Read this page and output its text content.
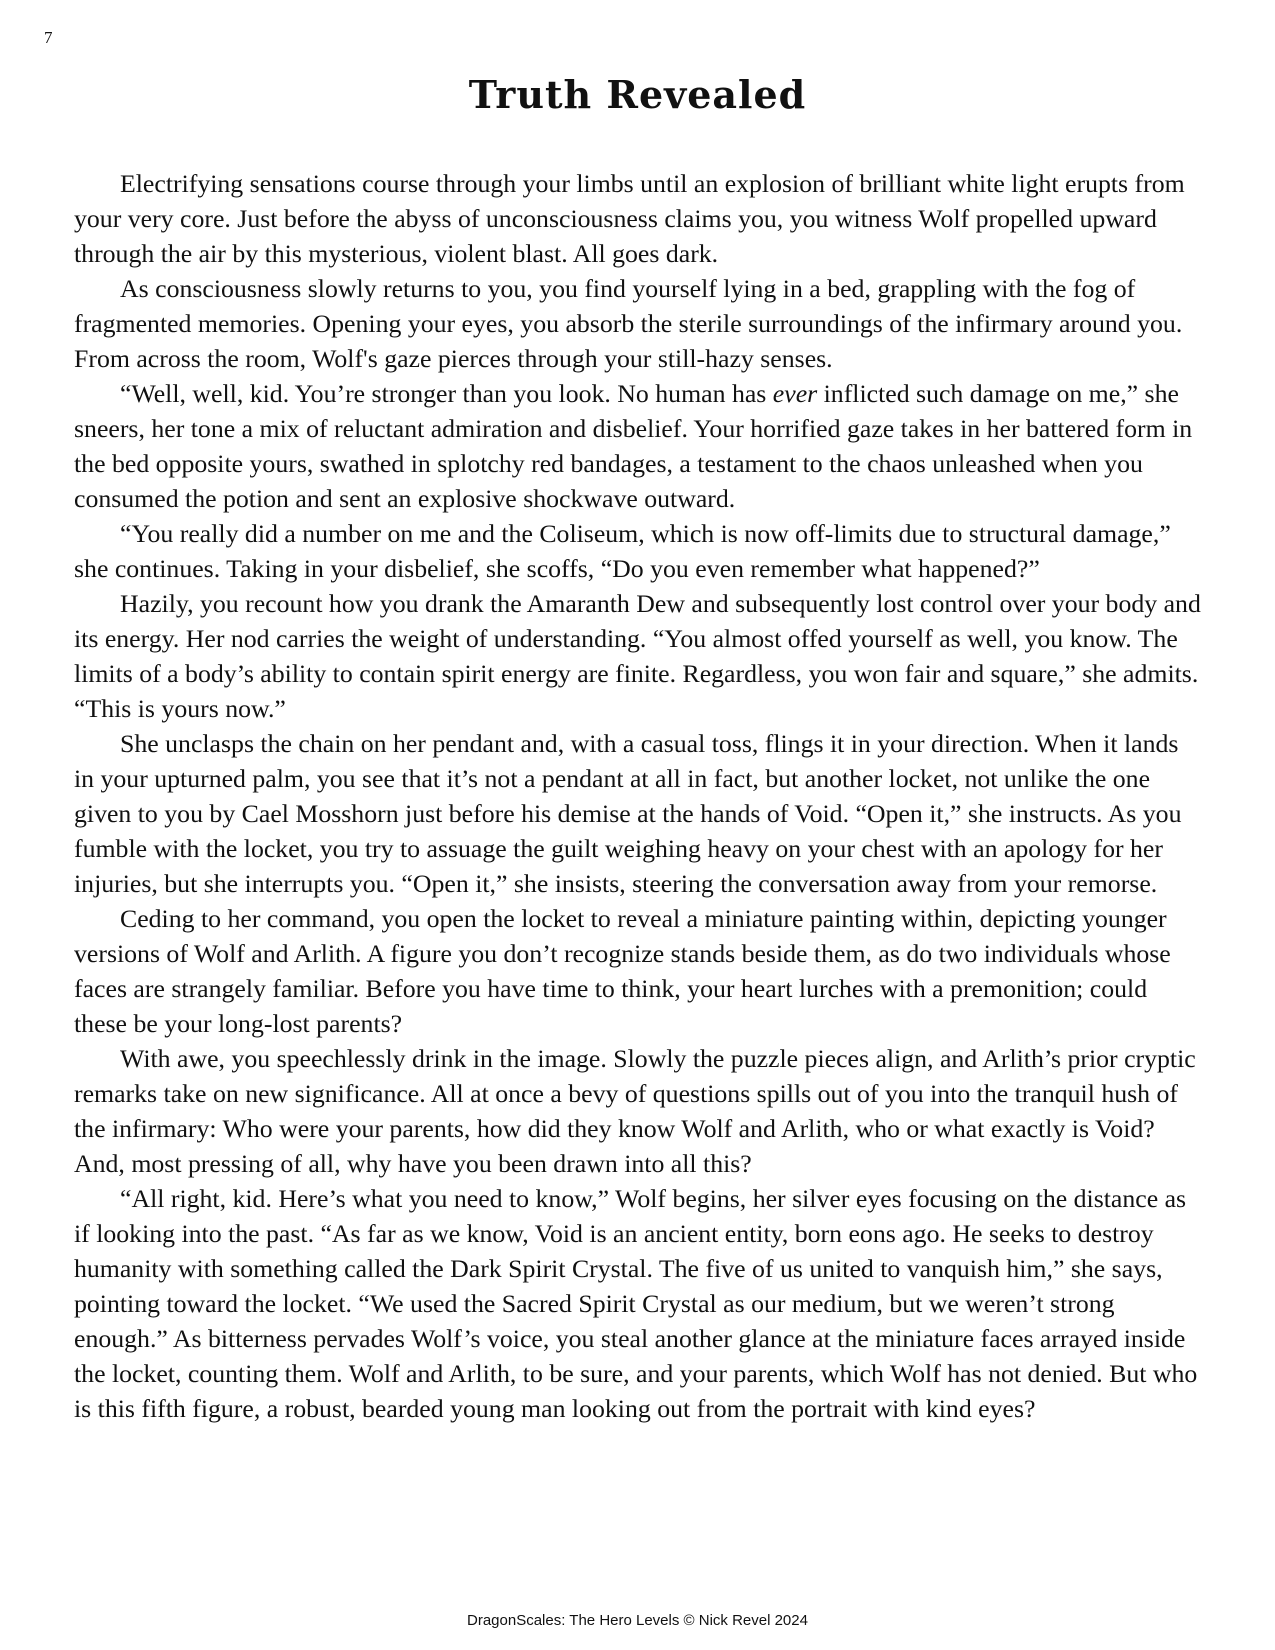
7
Truth Revealed

Electrifying sensations course through your limbs until an explosion of brilliant white light erupts from your very core. Just before the abyss of unconsciousness claims you, you witness Wolf propelled upward through the air by this mysterious, violent blast. All goes dark.

As consciousness slowly returns to you, you find yourself lying in a bed, grappling with the fog of fragmented memories. Opening your eyes, you absorb the sterile surroundings of the infirmary around you. From across the room, Wolf's gaze pierces through your still-hazy senses.

“Well, well, kid. You’re stronger than you look. No human has ever inflicted such damage on me,” she sneers, her tone a mix of reluctant admiration and disbelief. Your horrified gaze takes in her battered form in the bed opposite yours, swathed in splotchy red bandages, a testament to the chaos unleashed when you consumed the potion and sent an explosive shockwave outward.

“You really did a number on me and the Coliseum, which is now off-limits due to structural damage,” she continues. Taking in your disbelief, she scoffs, “Do you even remember what happened?”

Hazily, you recount how you drank the Amaranth Dew and subsequently lost control over your body and its energy. Her nod carries the weight of understanding. “You almost offed yourself as well, you know. The limits of a body’s ability to contain spirit energy are finite. Regardless, you won fair and square,” she admits. “This is yours now.”

She unclasps the chain on her pendant and, with a casual toss, flings it in your direction. When it lands in your upturned palm, you see that it’s not a pendant at all in fact, but another locket, not unlike the one given to you by Cael Mosshorn just before his demise at the hands of Void. “Open it,” she instructs. As you fumble with the locket, you try to assuage the guilt weighing heavy on your chest with an apology for her injuries, but she interrupts you. “Open it,” she insists, steering the conversation away from your remorse.

Ceding to her command, you open the locket to reveal a miniature painting within, depicting younger versions of Wolf and Arlith. A figure you don’t recognize stands beside them, as do two individuals whose faces are strangely familiar. Before you have time to think, your heart lurches with a premonition; could these be your long-lost parents?

With awe, you speechlessly drink in the image. Slowly the puzzle pieces align, and Arlith’s prior cryptic remarks take on new significance. All at once a bevy of questions spills out of you into the tranquil hush of the infirmary: Who were your parents, how did they know Wolf and Arlith, who or what exactly is Void? And, most pressing of all, why have you been drawn into all this?

“All right, kid. Here’s what you need to know,” Wolf begins, her silver eyes focusing on the distance as if looking into the past. “As far as we know, Void is an ancient entity, born eons ago. He seeks to destroy humanity with something called the Dark Spirit Crystal. The five of us united to vanquish him,” she says, pointing toward the locket. “We used the Sacred Spirit Crystal as our medium, but we weren’t strong enough.” As bitterness pervades Wolf’s voice, you steal another glance at the miniature faces arrayed inside the locket, counting them. Wolf and Arlith, to be sure, and your parents, which Wolf has not denied. But who is this fifth figure, a robust, bearded young man looking out from the portrait with kind eyes?

DragonScales: The Hero Levels © Nick Revel 2024
